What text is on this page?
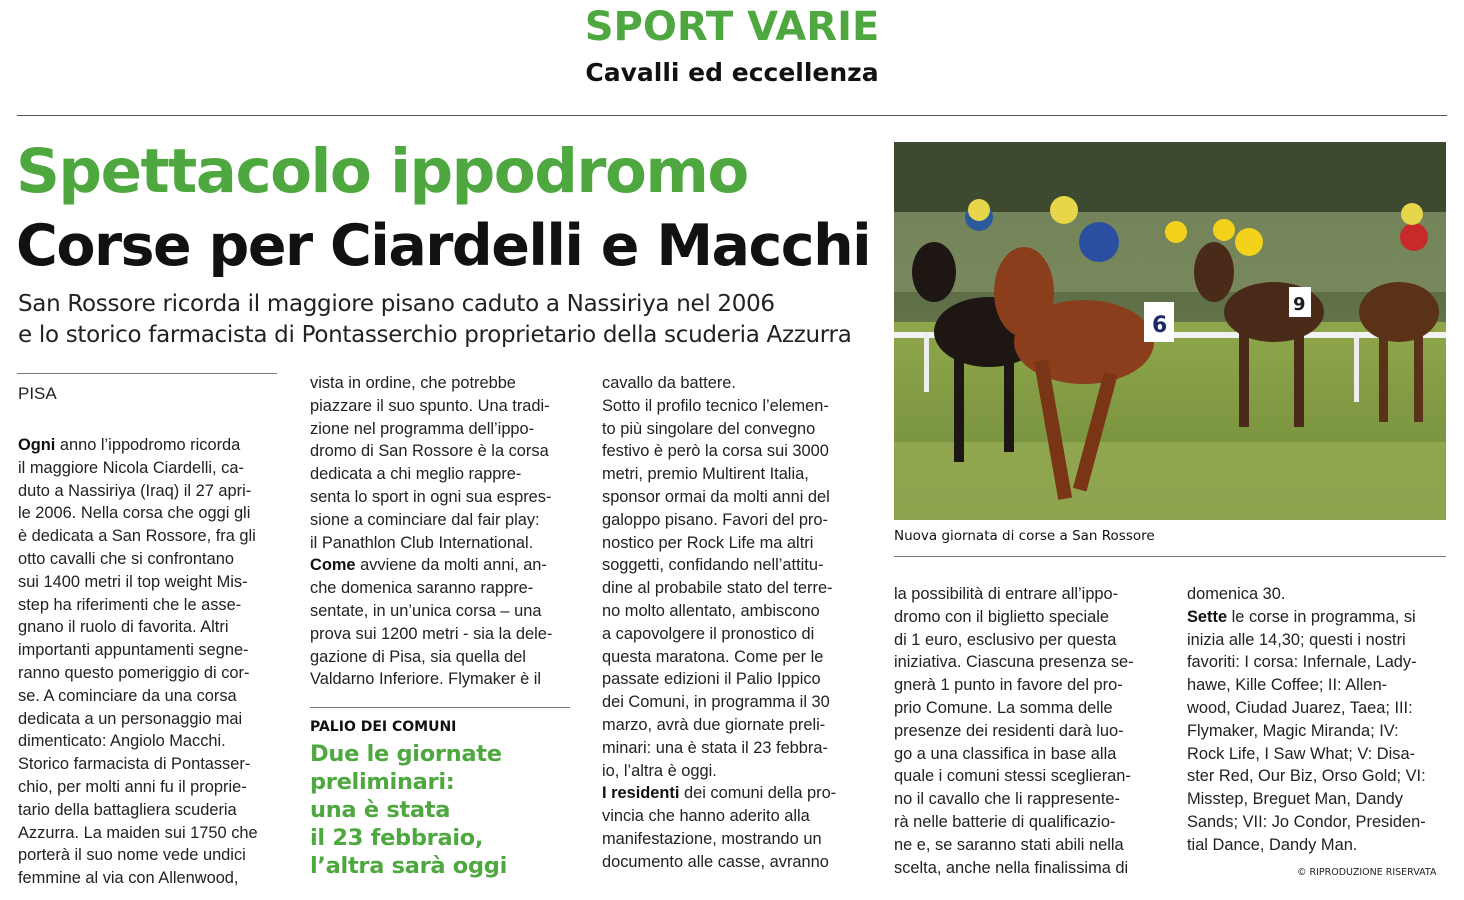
SPORT VARIE
Cavalli ed eccellenza
Spettacolo ippodromo
Corse per Ciardelli e Macchi
San Rossore ricorda il maggiore pisano caduto a Nassiriya nel 2006
e lo storico farmacista di Pontasserchio proprietario della scuderia Azzurra
PISA
Ogni anno l’ippodromo ricorda
il maggiore Nicola Ciardelli, ca-
duto a Nassiriya (Iraq) il 27 apri-
le 2006. Nella corsa che oggi gli
è dedicata a San Rossore, fra gli
otto cavalli che si confrontano
sui 1400 metri il top weight Mis-
step ha riferimenti che le asse-
gnano il ruolo di favorita. Altri
importanti appuntamenti segne-
ranno questo pomeriggio di cor-
se. A cominciare da una corsa
dedicata a un personaggio mai
dimenticato: Angiolo Macchi.
Storico farmacista di Pontasser-
chio, per molti anni fu il proprie-
tario della battagliera scuderia
Azzurra. La maiden sui 1750 che
porterà il suo nome vede undici
femmine al via con Allenwood,
vista in ordine, che potrebbe
piazzare il suo spunto. Una tradi-
zione nel programma dell’ippo-
dromo di San Rossore è la corsa
dedicata a chi meglio rappre-
senta lo sport in ogni sua espres-
sione a cominciare dal fair play:
il Panathlon Club International.
Come avviene da molti anni, an-
che domenica saranno rappre-
sentate, in un’unica corsa – una
prova sui 1200 metri - sia la dele-
gazione di Pisa, sia quella del
Valdarno Inferiore. Flymaker è il
PALIO DEI COMUNI
Due le giornate
preliminari:
una è stata
il 23 febbraio,
l’altra sarà oggi
cavallo da battere.
Sotto il profilo tecnico l’elemen-
to più singolare del convegno
festivo è però la corsa sui 3000
metri, premio Multirent Italia,
sponsor ormai da molti anni del
galoppo pisano. Favori del pro-
nostico per Rock Life ma altri
soggetti, confidando nell’attitu-
dine al probabile stato del terre-
no molto allentato, ambiscono
a capovolgere il pronostico di
questa maratona. Come per le
passate edizioni il Palio Ippico
dei Comuni, in programma il 30
marzo, avrà due giornate preli-
minari: una è stata il 23 febbra-
io, l’altra è oggi.
I residenti dei comuni della pro-
vincia che hanno aderito alla
manifestazione, mostrando un
documento alle casse, avranno
6
9
Nuova giornata di corse a San Rossore
la possibilità di entrare all’ippo-
dromo con il biglietto speciale
di 1 euro, esclusivo per questa
iniziativa. Ciascuna presenza se-
gnerà 1 punto in favore del pro-
prio Comune. La somma delle
presenze dei residenti darà luo-
go a una classifica in base alla
quale i comuni stessi sceglieran-
no il cavallo che li rappresente-
rà nelle batterie di qualificazio-
ne e, se saranno stati abili nella
scelta, anche nella finalissima di
domenica 30.
Sette le corse in programma, si
inizia alle 14,30; questi i nostri
favoriti: I corsa: Infernale, Lady-
hawe, Kille Coffee; II: Allen-
wood, Ciudad Juarez, Taea; III:
Flymaker, Magic Miranda; IV:
Rock Life, I Saw What; V: Disa-
ster Red, Our Biz, Orso Gold; VI:
Misstep, Breguet Man, Dandy
Sands; VII: Jo Condor, Presiden-
tial Dance, Dandy Man.
© RIPRODUZIONE RISERVATA
